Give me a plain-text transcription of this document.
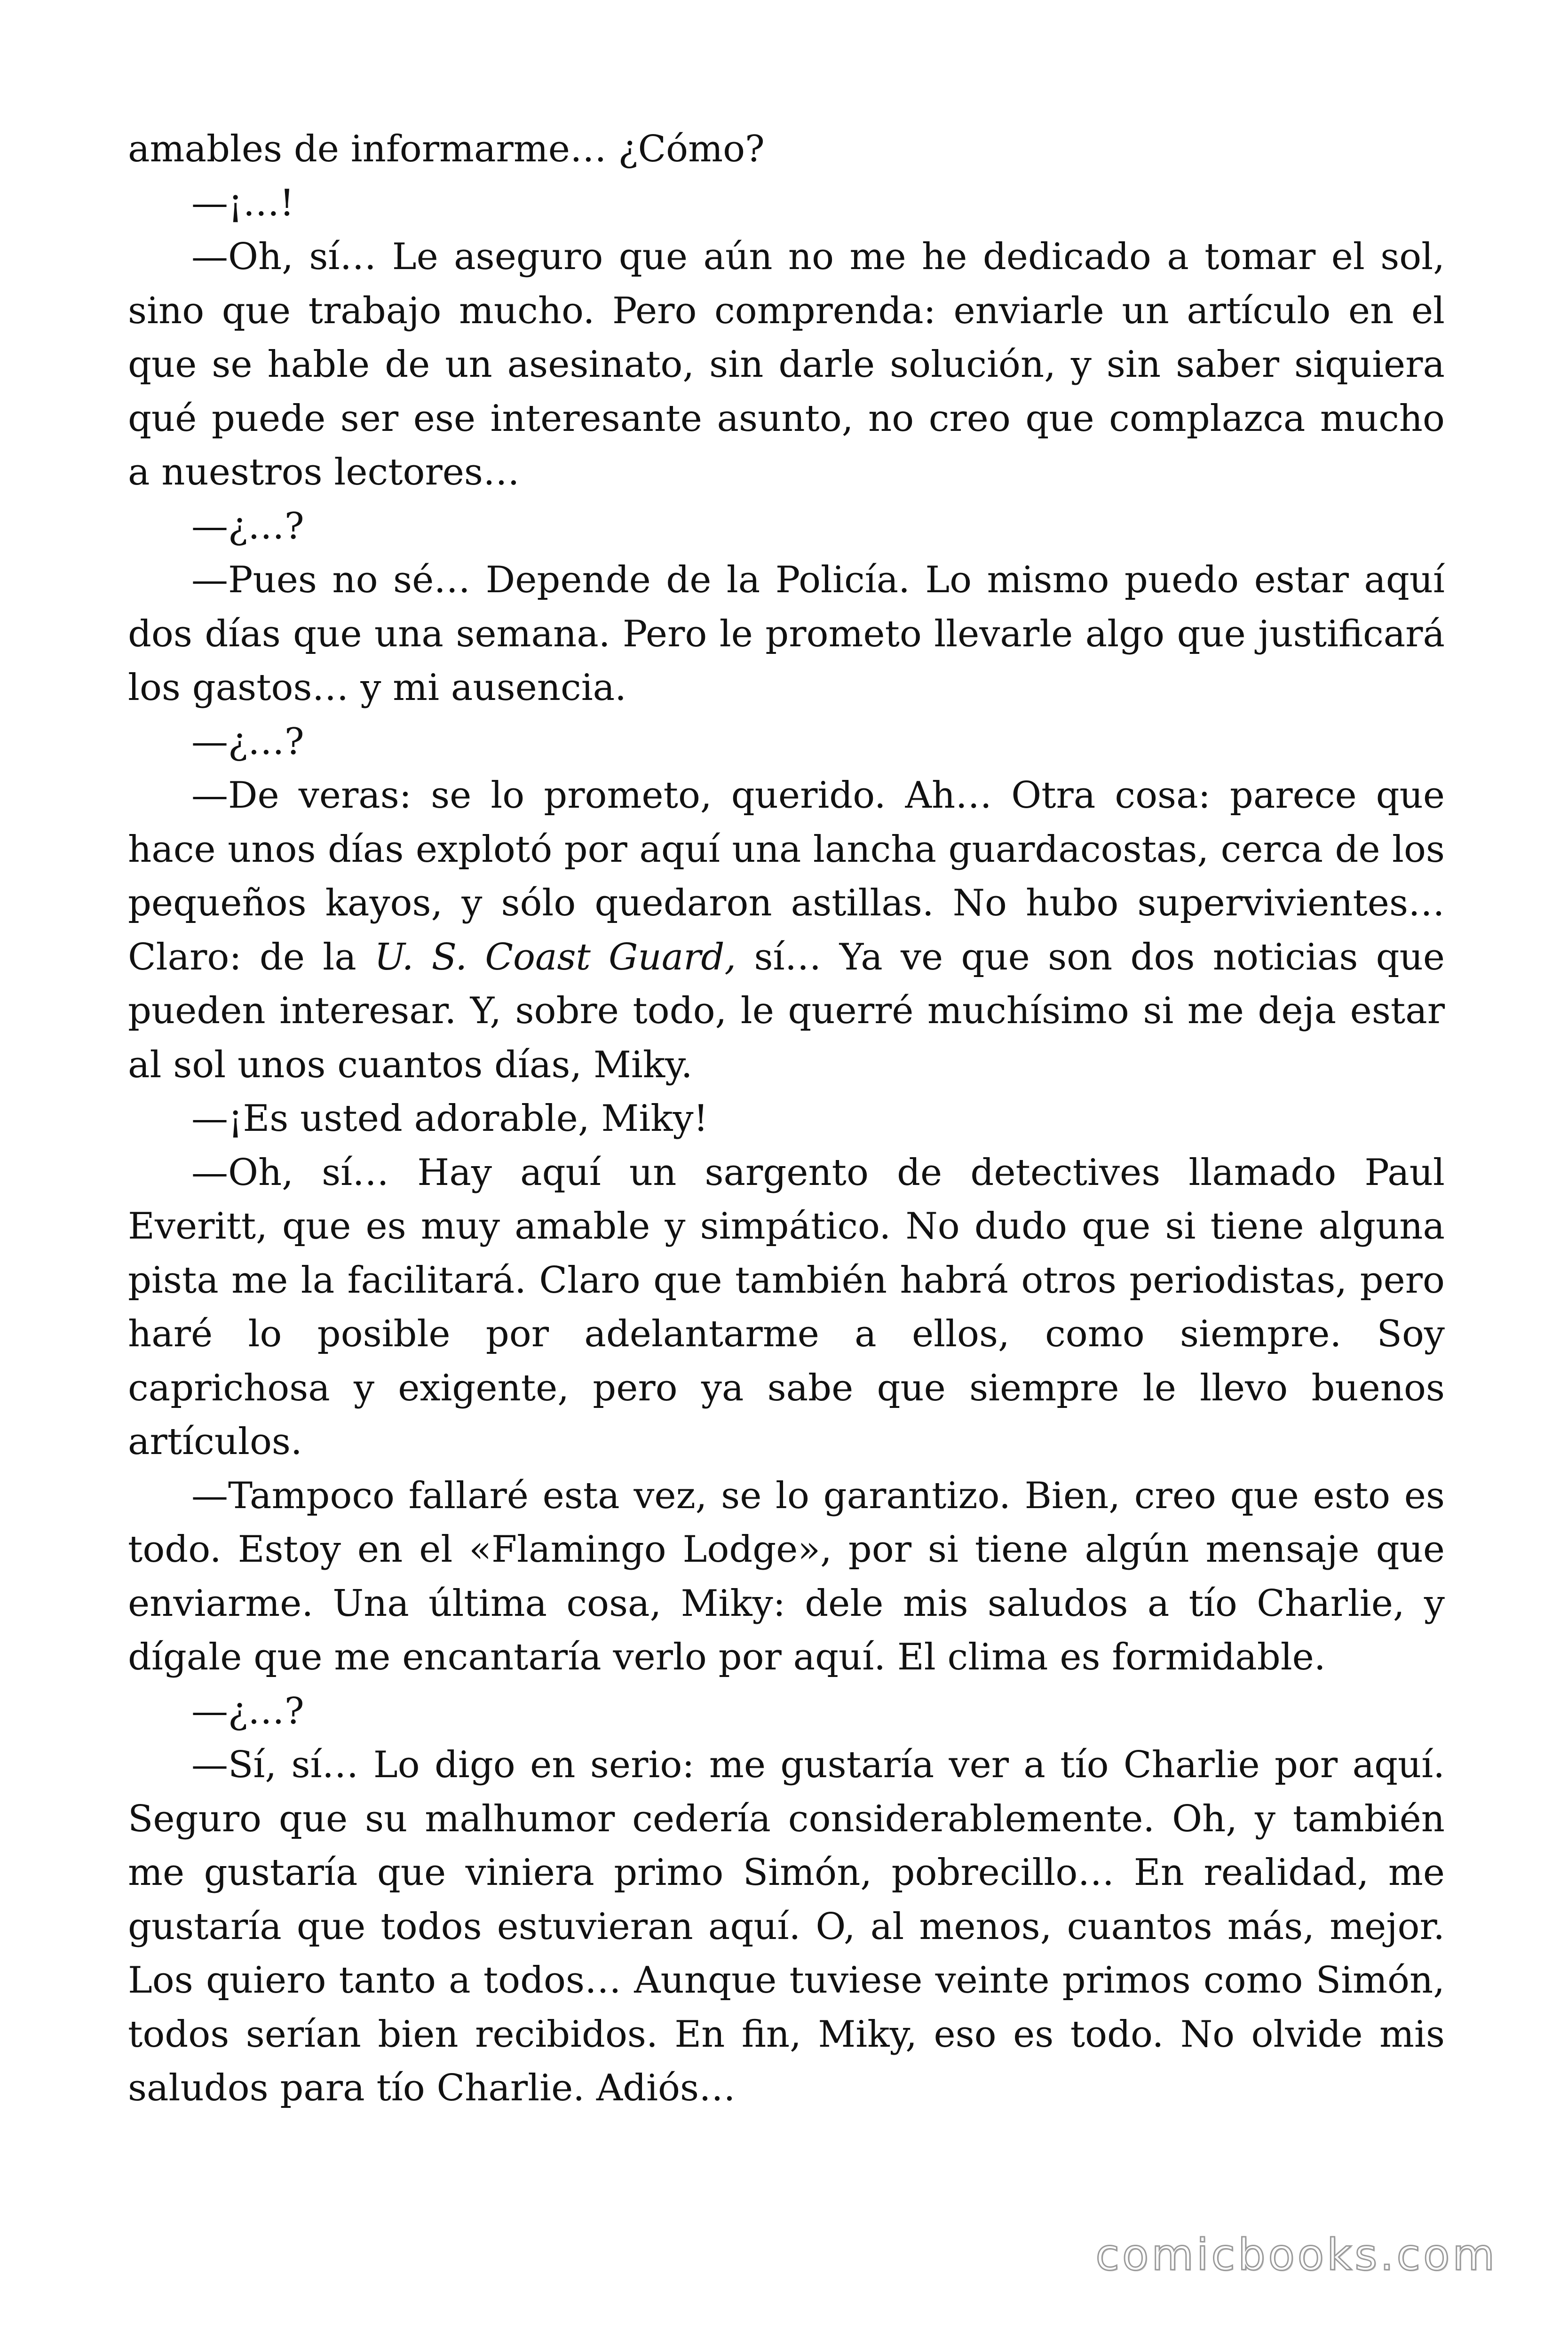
amables de informarme… ¿Cómo?

—¡…!

—Oh, sí… Le aseguro que aún no me he dedicado a tomar el sol, sino que trabajo mucho. Pero comprenda: enviarle un artículo en el que se hable de un asesinato, sin darle solución, y sin saber siquiera qué puede ser ese interesante asunto, no creo que complazca mucho a nuestros lectores…

—¿…?

—Pues no sé… Depende de la Policía. Lo mismo puedo estar aquí dos días que una semana. Pero le prometo llevarle algo que justificará los gastos… y mi ausencia.

—¿…?

—De veras: se lo prometo, querido. Ah… Otra cosa: parece que hace unos días explotó por aquí una lancha guardacostas, cerca de los pequeños kayos, y sólo quedaron astillas. No hubo supervivientes… Claro: de la U. S. Coast Guard, sí… Ya ve que son dos noticias que pueden interesar. Y, sobre todo, le querré muchísimo si me deja estar al sol unos cuantos días, Miky.

—¡Es usted adorable, Miky!

—Oh, sí… Hay aquí un sargento de detectives llamado Paul Everitt, que es muy amable y simpático. No dudo que si tiene alguna pista me la facilitará. Claro que también habrá otros periodistas, pero haré lo posible por adelantarme a ellos, como siempre. Soy caprichosa y exigente, pero ya sabe que siempre le llevo buenos artículos.

—Tampoco fallaré esta vez, se lo garantizo. Bien, creo que esto es todo. Estoy en el «Flamingo Lodge», por si tiene algún mensaje que enviarme. Una última cosa, Miky: dele mis saludos a tío Charlie, y dígale que me encantaría verlo por aquí. El clima es formidable.

—¿…?

—Sí, sí… Lo digo en serio: me gustaría ver a tío Charlie por aquí. Seguro que su malhumor cedería considerablemente. Oh, y también me gustaría que viniera primo Simón, pobrecillo… En realidad, me gustaría que todos estuvieran aquí. O, al menos, cuantos más, mejor. Los quiero tanto a todos… Aunque tuviese veinte primos como Simón, todos serían bien recibidos. En fin, Miky, eso es todo. No olvide mis saludos para tío Charlie. Adiós…

comicbooks.com
